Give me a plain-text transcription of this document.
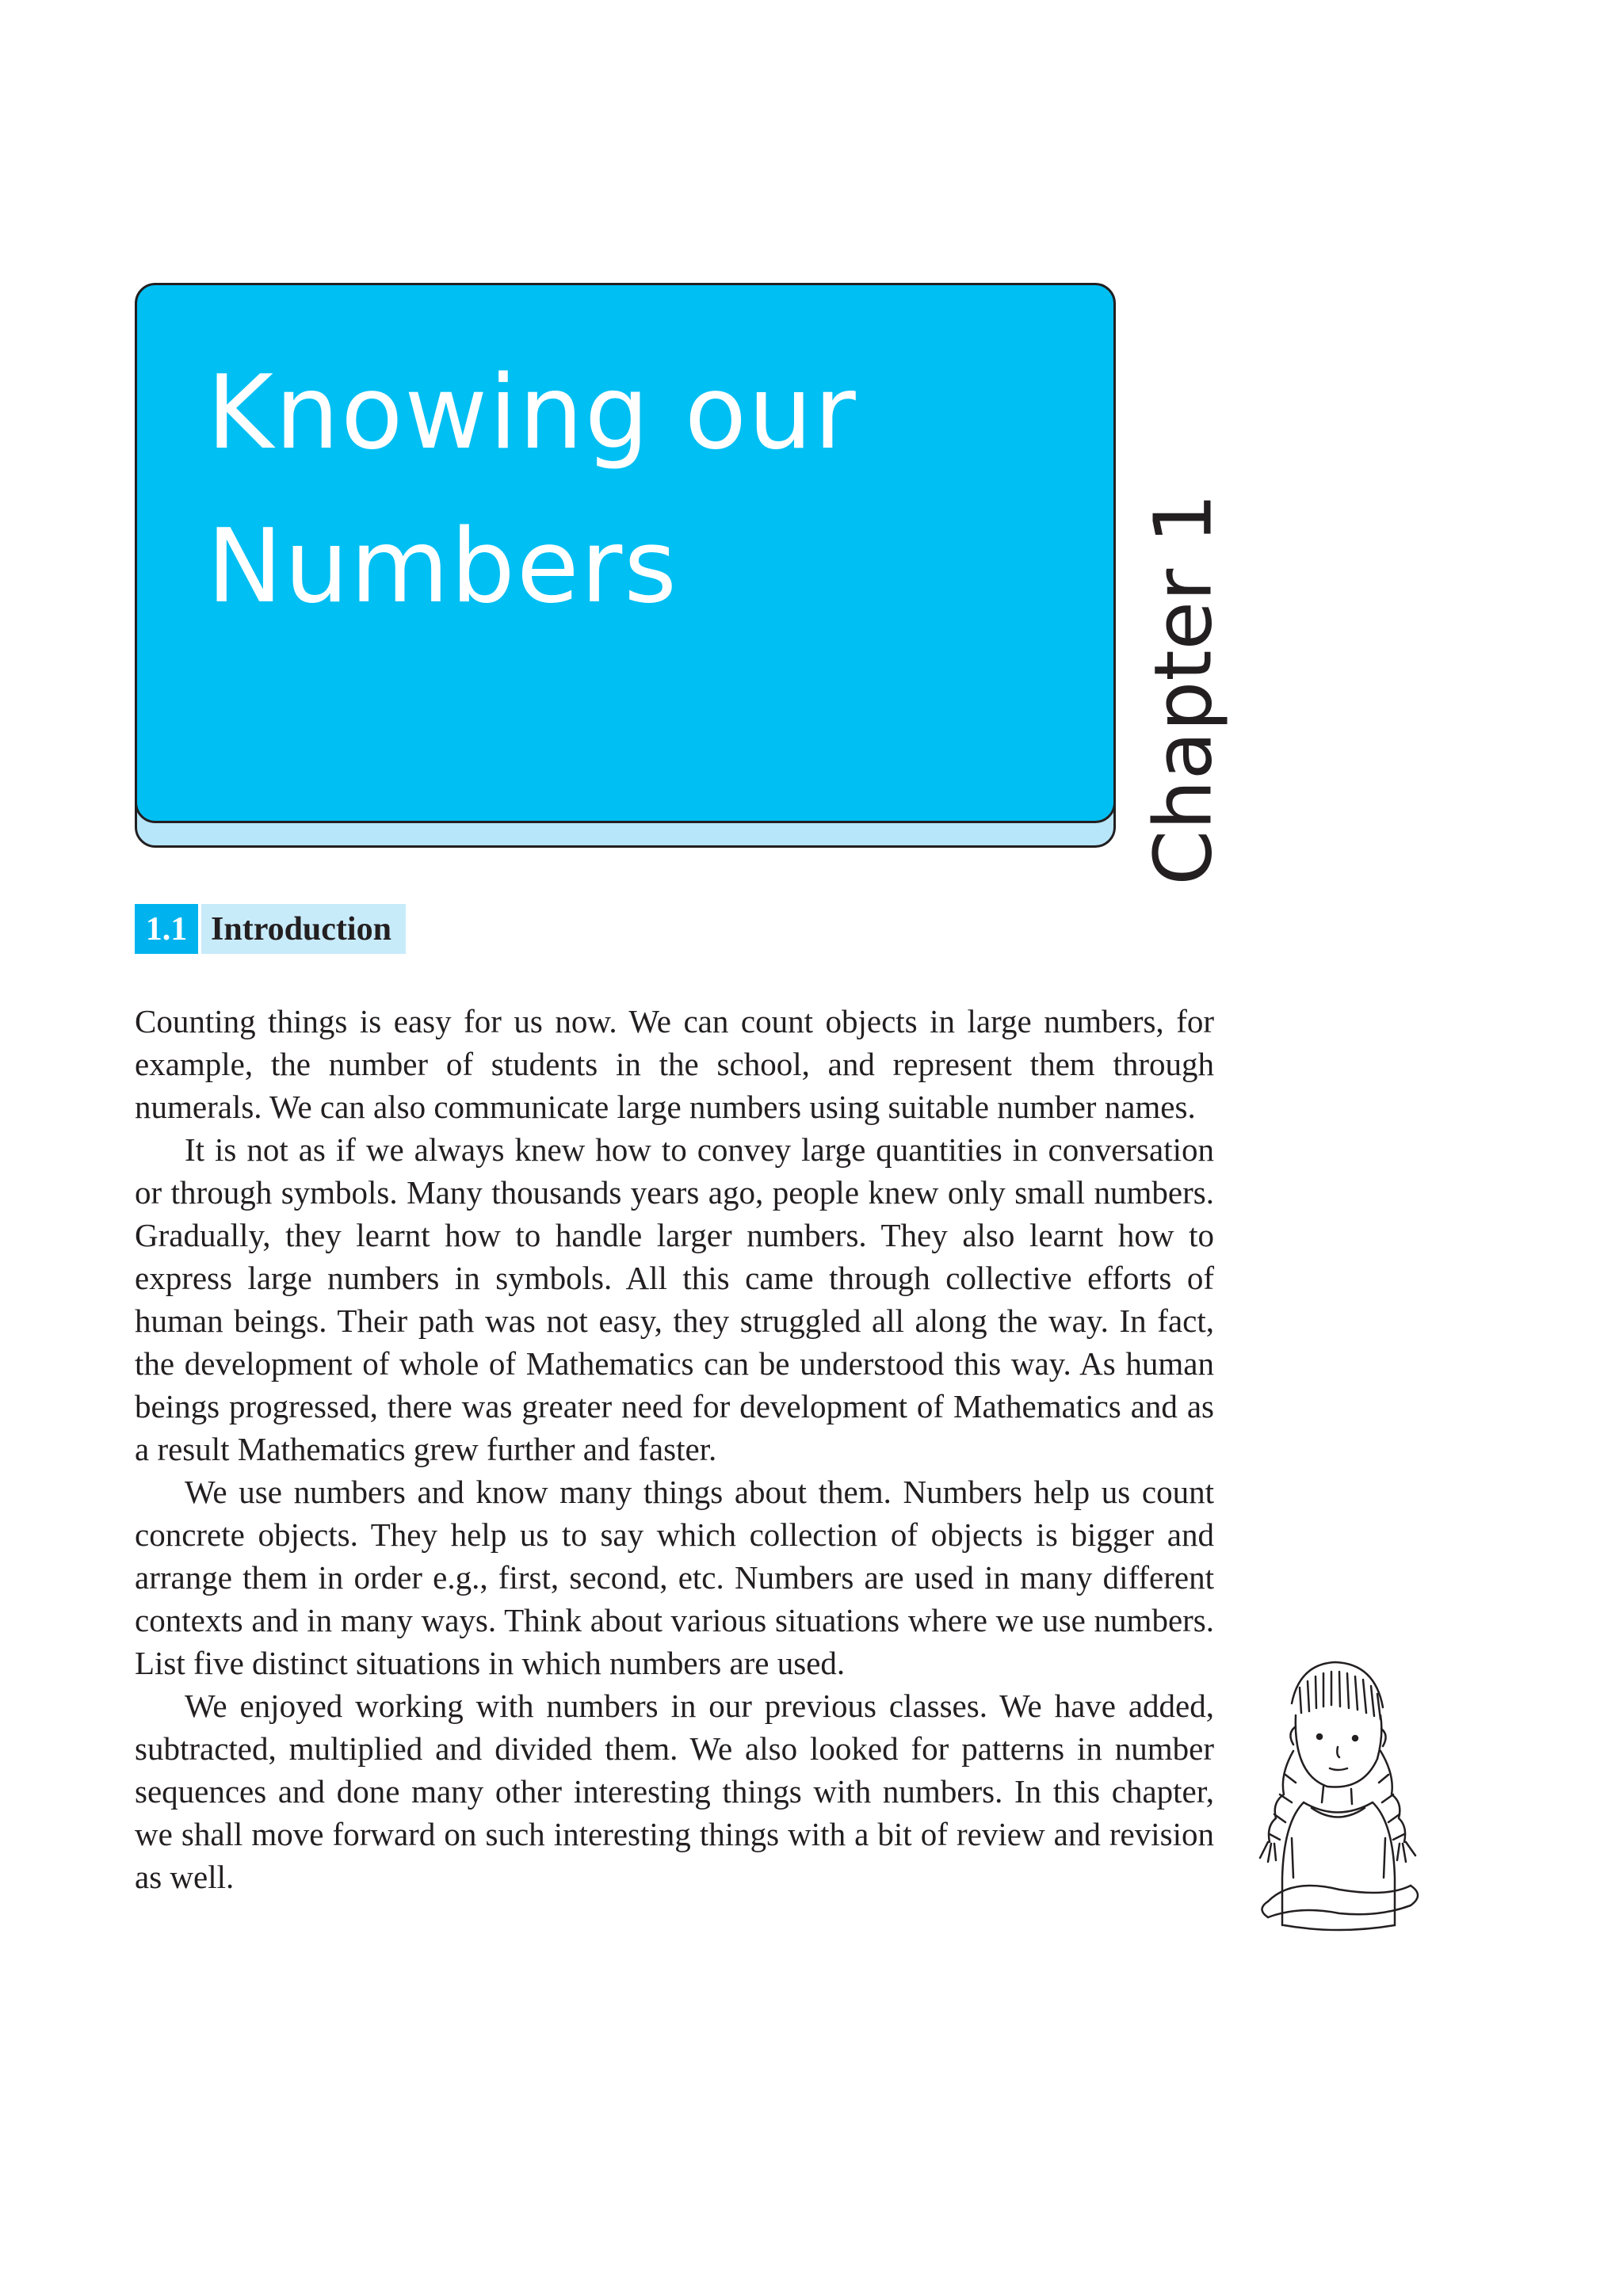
Knowing our
Numbers	Chapter 1
1.1 Introduction

Counting things is easy for us now. We can count objects in large numbers, for example, the number of students in the school, and represent them through numerals. We can also communicate large numbers using suitable number names.

It is not as if we always knew how to convey large quantities in conversation or through symbols. Many thousands years ago, people knew only small numbers. Gradually, they learnt how to handle larger numbers. They also learnt how to express large numbers in symbols. All this came through collective efforts of human beings. Their path was not easy, they struggled all along the way. In fact, the development of whole of Mathematics can be understood this way. As human beings progressed, there was greater need for development of Mathematics and as a result Mathematics grew further and faster.

We use numbers and know many things about them. Numbers help us count concrete objects. They help us to say which collection of objects is bigger and arrange them in order e.g., first, second, etc. Numbers are used in many different contexts and in many ways. Think about various situations where we use numbers. List five distinct situations in which numbers are used.

We enjoyed working with numbers in our previous classes. We have added, subtracted, multiplied and divided them. We also looked for patterns in number sequences and done many other interesting things with numbers. In this chapter, we shall move forward on such interesting things with a bit of review and revision as well.
